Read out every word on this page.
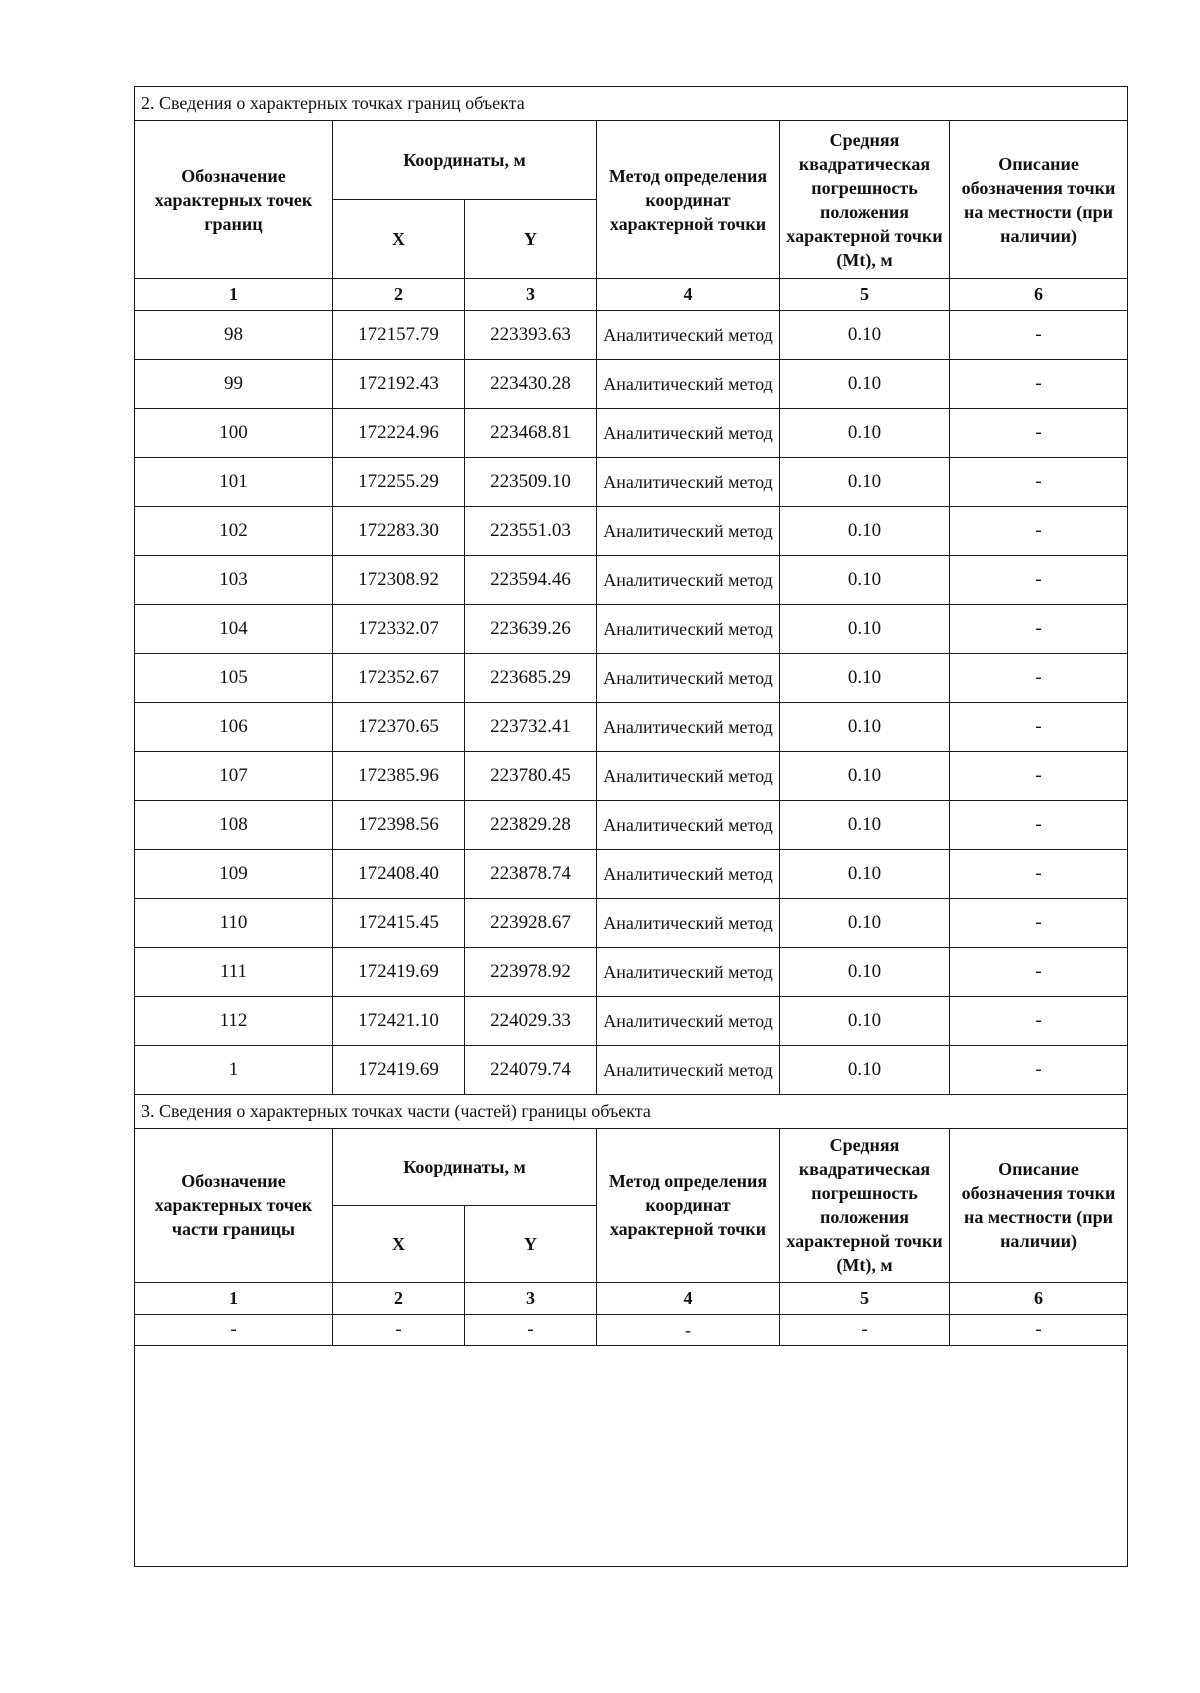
2. Сведения о характерных точках границ объекта					
Обозначение характерных точек границ	Координаты, м		Метод определения координат характерной точки	Средняя квадратическая погрешность положения характерной точки (Mt), м	Описание обозначения точки на местности (при наличии)
	X	Y			
1	2	3	4	5	6
98	172157.79	223393.63	Аналитический метод	0.10	-
99	172192.43	223430.28	Аналитический метод	0.10	-
100	172224.96	223468.81	Аналитический метод	0.10	-
101	172255.29	223509.10	Аналитический метод	0.10	-
102	172283.30	223551.03	Аналитический метод	0.10	-
103	172308.92	223594.46	Аналитический метод	0.10	-
104	172332.07	223639.26	Аналитический метод	0.10	-
105	172352.67	223685.29	Аналитический метод	0.10	-
106	172370.65	223732.41	Аналитический метод	0.10	-
107	172385.96	223780.45	Аналитический метод	0.10	-
108	172398.56	223829.28	Аналитический метод	0.10	-
109	172408.40	223878.74	Аналитический метод	0.10	-
110	172415.45	223928.67	Аналитический метод	0.10	-
111	172419.69	223978.92	Аналитический метод	0.10	-
112	172421.10	224029.33	Аналитический метод	0.10	-
1	172419.69	224079.74	Аналитический метод	0.10	-
3. Сведения о характерных точках части (частей) границы объекта					
Обозначение характерных точек части границы	Координаты, м		Метод определения координат характерной точки	Средняя квадратическая погрешность положения характерной точки (Mt), м	Описание обозначения точки на местности (при наличии)
	X	Y			
1	2	3	4	5	6
-	-	-	-	-	-
